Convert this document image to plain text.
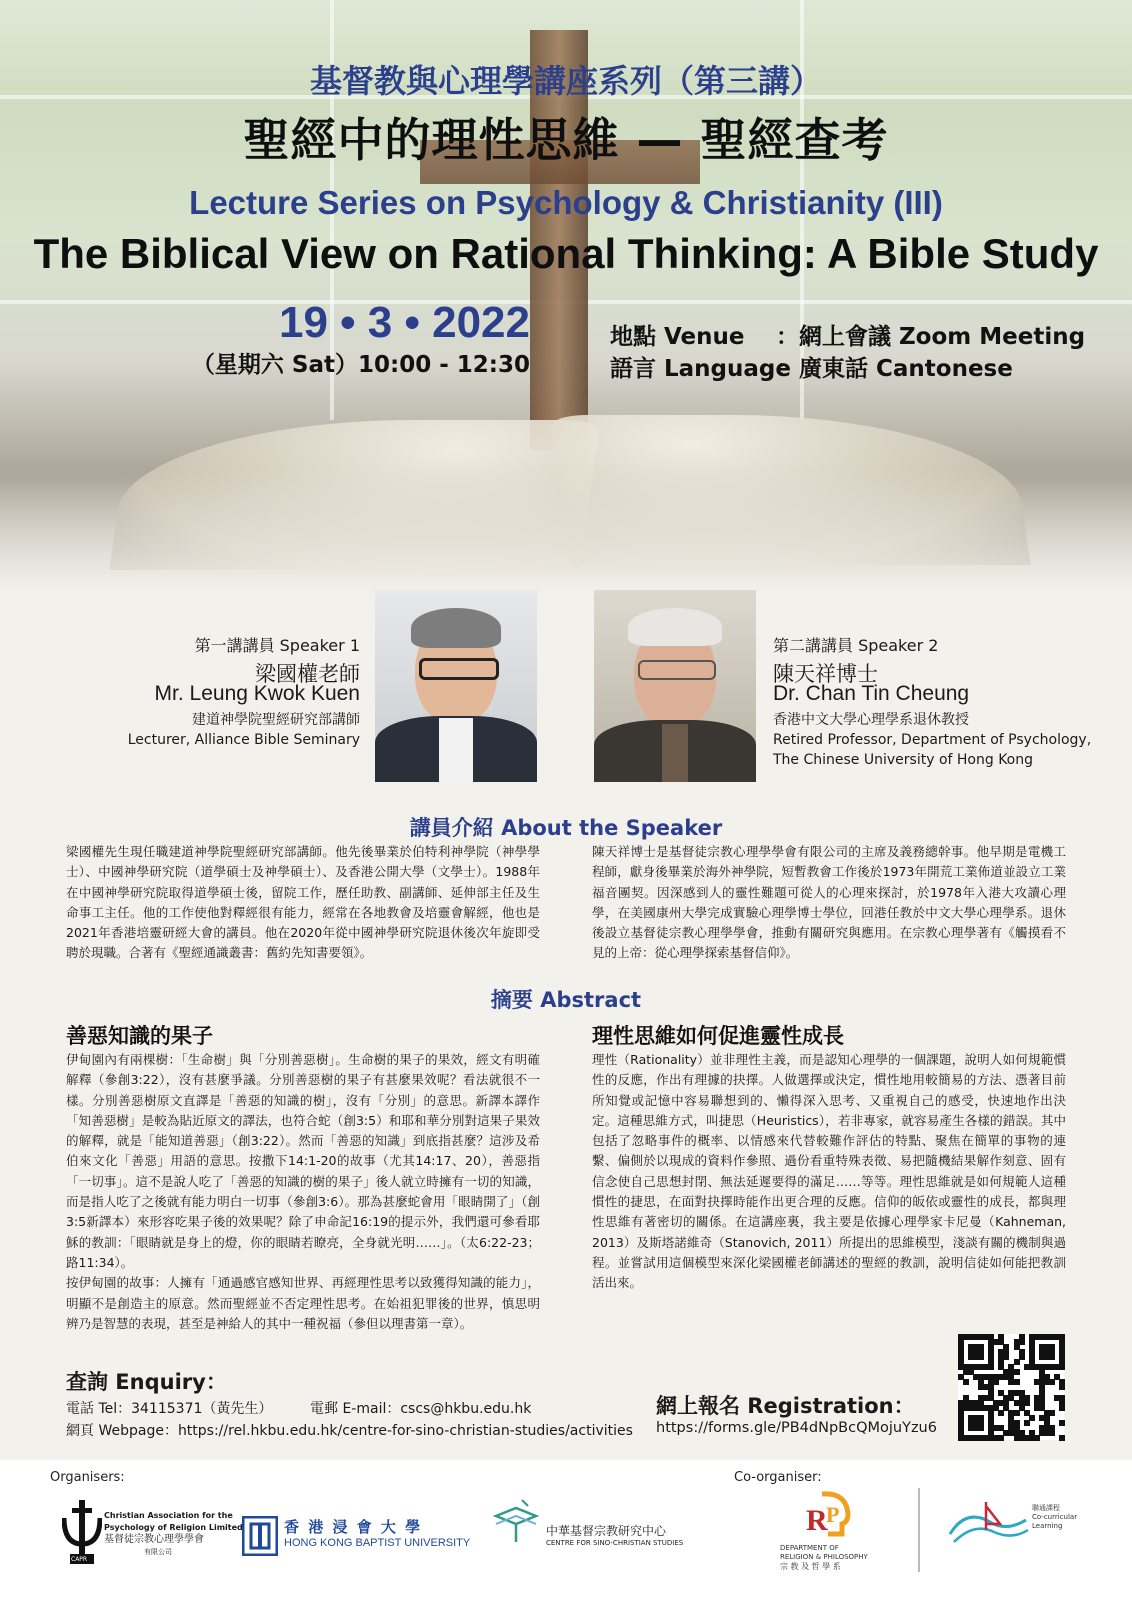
基督教與心理學講座系列（第三講）
聖經中的理性思維 — 聖經查考
Lecture Series on Psychology & Christianity (III)
The Biblical View on Rational Thinking: A Bible Study
19 • 3 • 2022
（星期六 Sat）10:00 - 12:30
地點 Venue ：網上會議 Zoom Meeting
語言 Language：廣東話 Cantonese
第一講講員 Speaker 1
梁國權老師
Mr. Leung Kwok Kuen
建道神學院聖經研究部講師
Lecturer, Alliance Bible Seminary
第二講講員 Speaker 2
陳天祥博士
Dr. Chan Tin Cheung
香港中文大學心理學系退休教授
Retired Professor, Department of Psychology,
The Chinese University of Hong Kong
講員介紹 About the Speaker
梁國權先生現任職建道神學院聖經研究部講師。他先後畢業於伯特利神學院（神學學士）、中國神學研究院（道學碩士及神學碩士）、及香港公開大學（文學士）。1988年在中國神學研究院取得道學碩士後，留院工作，歷任助教、副講師、延伸部主任及生命事工主任。他的工作使他對釋經很有能力，經常在各地教會及培靈會解經，他也是2021年香港培靈研經大會的講員。他在2020年從中國神學研究院退休後次年旋即受聘於現職。合著有《聖經通識叢書：舊約先知書要領》。
陳天祥博士是基督徒宗教心理學學會有限公司的主席及義務總幹事。他早期是電機工程師，獻身後畢業於海外神學院，短暫教會工作後於1973年開荒工業佈道並設立工業福音團契。因深感到人的靈性難題可從人的心理來探討，於1978年入港大攻讀心理學，在美國康州大學完成實驗心理學博士學位，回港任教於中文大學心理學系。退休後設立基督徒宗教心理學學會，推動有關研究與應用。在宗教心理學著有《觸摸看不見的上帝：從心理學探索基督信仰》。
摘要 Abstract
善惡知識的果子
伊甸園內有兩棵樹：「生命樹」與「分別善惡樹」。生命樹的果子的果效，經文有明確解釋（參創3:22），沒有甚麼爭議。分別善惡樹的果子有甚麼果效呢？看法就很不一樣。分別善惡樹原文直譯是「善惡的知識的樹」，沒有「分別」的意思。新譯本譯作「知善惡樹」是較為貼近原文的譯法，也符合蛇（創3:5）和耶和華分別對這果子果效的解釋，就是「能知道善惡」（創3:22）。然而「善惡的知識」到底指甚麼？這涉及希伯來文化「善惡」用語的意思。按撒下14:1-20的故事（尤其14:17、20），善惡指「一切事」。這不是說人吃了「善惡的知識的樹的果子」後人就立時擁有一切的知識，而是指人吃了之後就有能力明白一切事（參創3:6）。那為甚麼蛇會用「眼睛開了」（創3:5新譯本）來形容吃果子後的效果呢？除了申命記16:19的提示外，我們還可參看耶穌的教訓：「眼睛就是身上的燈，你的眼睛若瞭亮，全身就光明……」。（太6:22-23；路11:34）。
按伊甸園的故事：人擁有「通過感官感知世界、再經理性思考以致獲得知識的能力」，明顯不是創造主的原意。然而聖經並不否定理性思考。在始祖犯罪後的世界，慎思明辨乃是智慧的表現，甚至是神給人的其中一種祝福（參但以理書第一章）。
理性思維如何促進靈性成長
理性（Rationality）並非理性主義，而是認知心理學的一個課題，說明人如何規範慣性的反應，作出有理據的抉擇。人做選擇或決定，慣性地用較簡易的方法、憑著目前所知覺或記憶中容易聯想到的、懶得深入思考、又重視自己的感受，快速地作出決定。這種思維方式，叫捷思（Heuristics），若非專家，就容易產生各樣的錯誤。其中包括了忽略事件的概率、以情感來代替較難作評估的特點、聚焦在簡單的事物的連繫、偏側於以現成的資料作參照、過份看重特殊表徵、易把隨機結果解作刻意、固有信念使自己思想封閉、無法延遲要得的滿足……等等。理性思維就是如何規範人這種慣性的捷思，在面對抉擇時能作出更合理的反應。信仰的皈依或靈性的成長，都與理性思維有著密切的關係。在這講座裏，我主要是依據心理學家卡尼曼（Kahneman, 2013）及斯塔諾維奇（Stanovich, 2011）所提出的思維模型，淺談有關的機制與過程。並嘗試用這個模型來深化梁國權老師講述的聖經的教訓，說明信徒如何能把教訓活出來。
查詢 Enquiry：
電話 Tel：34115371（黃先生）	電郵 E-mail：cscs@hkbu.edu.hk
網頁 Webpage：https://rel.hkbu.edu.hk/centre-for-sino-christian-studies/activities
網上報名 Registration：
https://forms.gle/PB4dNpBcQMojuYzu6
Organisers:	Co-organiser:
CAPR
Christian Association for the
Psychology of Religion Limited
基督徒宗教心理學學會
有限公司
香 港 浸 會 大 學
HONG KONG BAPTIST UNIVERSITY
中華基督宗教研究中心
CENTRE FOR SINO-CHRISTIAN STUDIES
R
P
DEPARTMENT OF
RELIGION & PHILOSOPHY
宗 教 及 哲 學 系
聯通課程
Co-curricular
Learning
